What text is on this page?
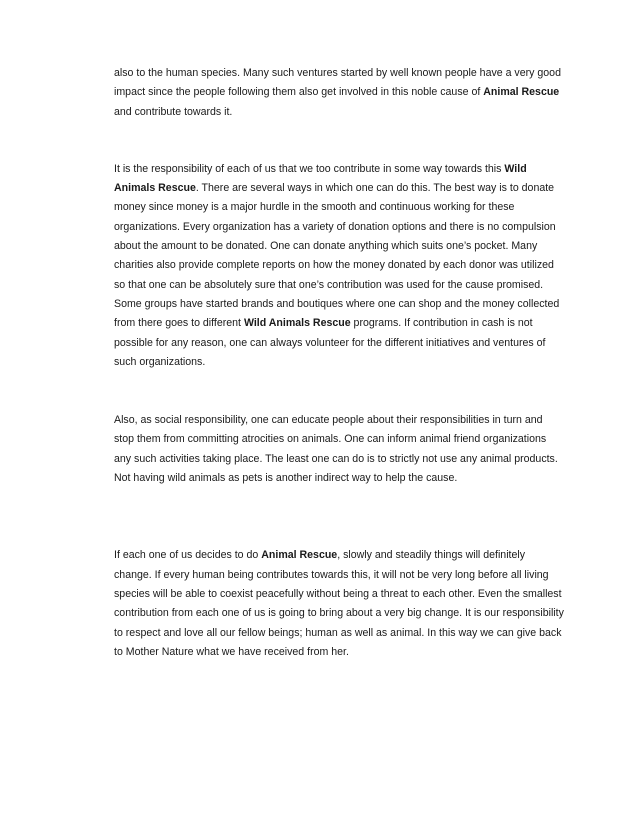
also to the human species. Many such ventures started by well known people have a very good impact since the people following them also get involved in this noble cause of Animal Rescue and contribute towards it.

It is the responsibility of each of us that we too contribute in some way towards this Wild Animals Rescue. There are several ways in which one can do this. The best way is to donate money since money is a major hurdle in the smooth and continuous working for these organizations. Every organization has a variety of donation options and there is no compulsion about the amount to be donated. One can donate anything which suits one’s pocket. Many charities also provide complete reports on how the money donated by each donor was utilized so that one can be absolutely sure that one’s contribution was used for the cause promised. Some groups have started brands and boutiques where one can shop and the money collected from there goes to different Wild Animals Rescue programs. If contribution in cash is not possible for any reason, one can always volunteer for the different initiatives and ventures of such organizations.

Also, as social responsibility, one can educate people about their responsibilities in turn and stop them from committing atrocities on animals. One can inform animal friend organizations any such activities taking place. The least one can do is to strictly not use any animal products. Not having wild animals as pets is another indirect way to help the cause.

If each one of us decides to do Animal Rescue, slowly and steadily things will definitely change. If every human being contributes towards this, it will not be very long before all living species will be able to coexist peacefully without being a threat to each other. Even the smallest contribution from each one of us is going to bring about a very big change. It is our responsibility to respect and love all our fellow beings; human as well as animal. In this way we can give back to Mother Nature what we have received from her.
